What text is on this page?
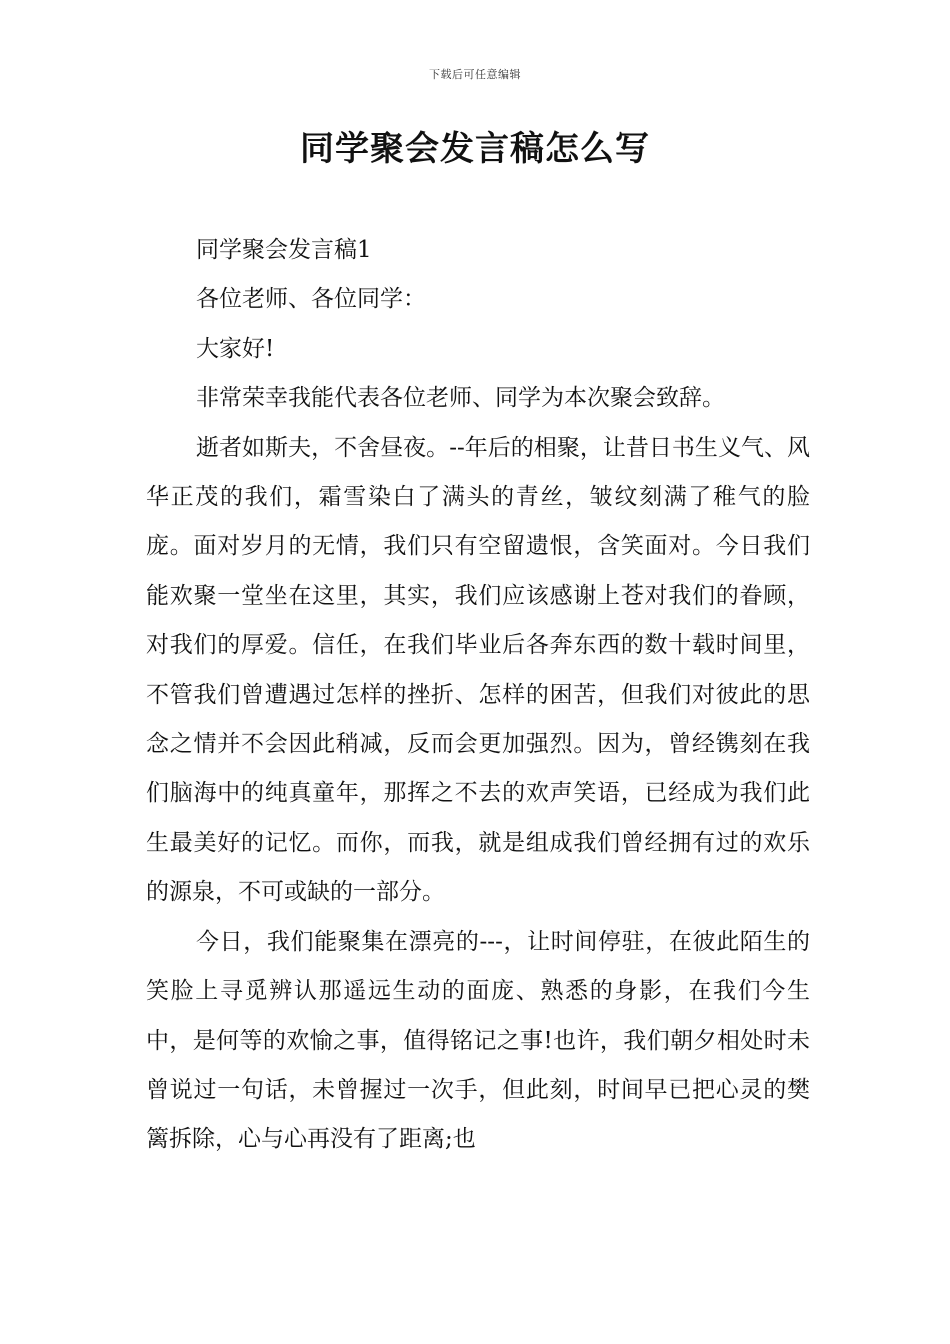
下载后可任意编辑
同学聚会发言稿怎么写

同学聚会发言稿1

各位老师、各位同学：

大家好!

非常荣幸我能代表各位老师、同学为本次聚会致辞。

逝者如斯夫，不舍昼夜。--年后的相聚，让昔日书生义气、风华正茂的我们，霜雪染白了满头的青丝，皱纹刻满了稚气的脸庞。面对岁月的无情，我们只有空留遗恨，含笑面对。今日我们能欢聚一堂坐在这里，其实，我们应该感谢上苍对我们的眷顾，对我们的厚爱。信任，在我们毕业后各奔东西的数十载时间里，不管我们曾遭遇过怎样的挫折、怎样的困苦，但我们对彼此的思念之情并不会因此稍减，反而会更加强烈。因为，曾经镌刻在我们脑海中的纯真童年，那挥之不去的欢声笑语，已经成为我们此生最美好的记忆。而你，而我，就是组成我们曾经拥有过的欢乐的源泉，不可或缺的一部分。

今日，我们能聚集在漂亮的---，让时间停驻，在彼此陌生的笑脸上寻觅辨认那遥远生动的面庞、熟悉的身影，在我们今生中，是何等的欢愉之事，值得铭记之事!也许，我们朝夕相处时未曾说过一句话，未曾握过一次手，但此刻，时间早已把心灵的樊篱拆除，心与心再没有了距离;也
